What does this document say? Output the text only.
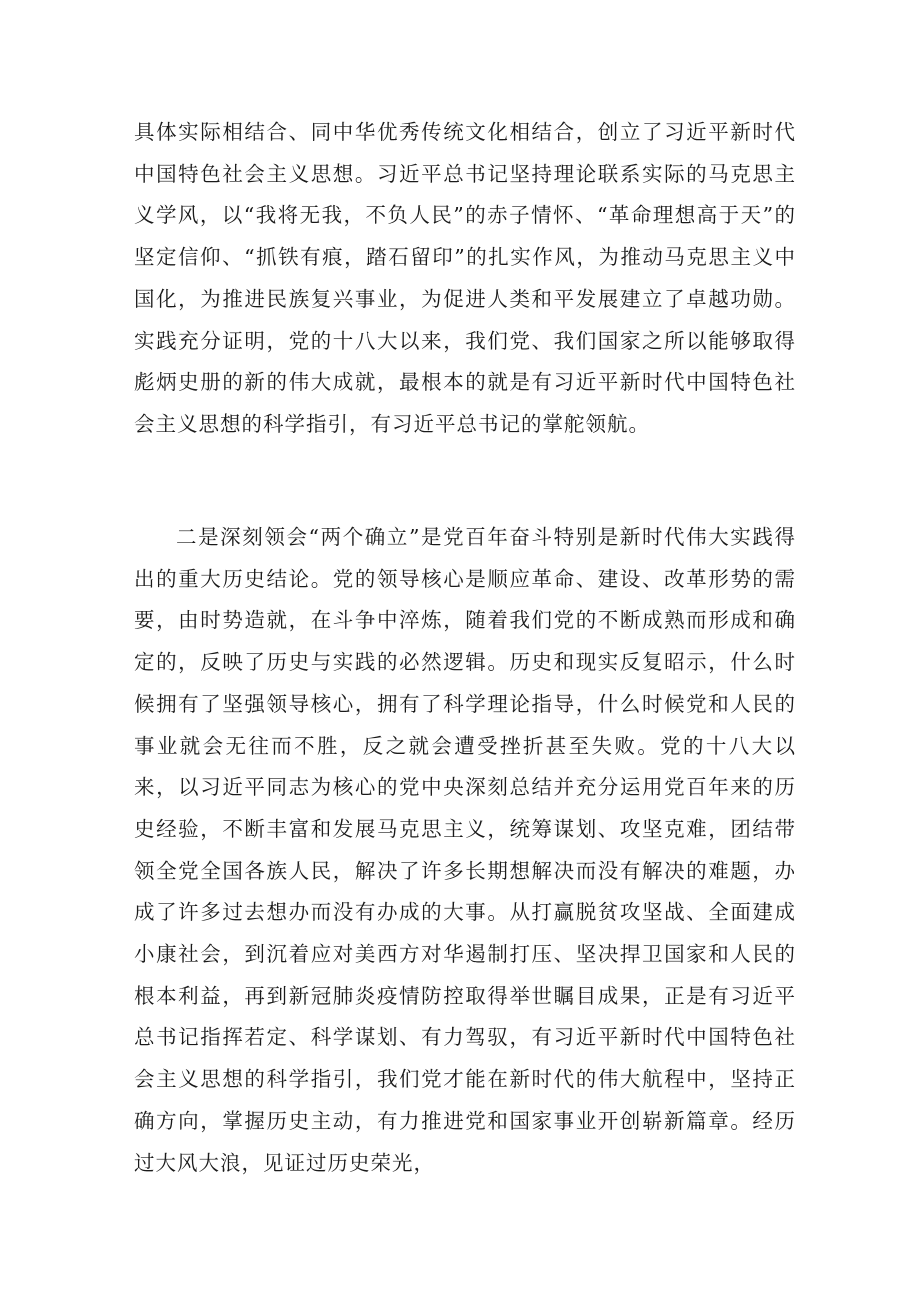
具体实际相结合、同中华优秀传统文化相结合，创立了习近平新时代中国特色社会主义思想。习近平总书记坚持理论联系实际的马克思主义学风，以“我将无我，不负人民”的赤子情怀、“革命理想高于天”的坚定信仰、“抓铁有痕，踏石留印”的扎实作风，为推动马克思主义中国化，为推进民族复兴事业，为促进人类和平发展建立了卓越功勋。实践充分证明，党的十八大以来，我们党、我们国家之所以能够取得彪炳史册的新的伟大成就，最根本的就是有习近平新时代中国特色社会主义思想的科学指引，有习近平总书记的掌舵领航。

二是深刻领会“两个确立”是党百年奋斗特别是新时代伟大实践得出的重大历史结论。党的领导核心是顺应革命、建设、改革形势的需要，由时势造就，在斗争中淬炼，随着我们党的不断成熟而形成和确定的，反映了历史与实践的必然逻辑。历史和现实反复昭示，什么时候拥有了坚强领导核心，拥有了科学理论指导，什么时候党和人民的事业就会无往而不胜，反之就会遭受挫折甚至失败。党的十八大以来，以习近平同志为核心的党中央深刻总结并充分运用党百年来的历史经验，不断丰富和发展马克思主义，统筹谋划、攻坚克难，团结带领全党全国各族人民，解决了许多长期想解决而没有解决的难题，办成了许多过去想办而没有办成的大事。从打赢脱贫攻坚战、全面建成小康社会，到沉着应对美西方对华遏制打压、坚决捍卫国家和人民的根本利益，再到新冠肺炎疫情防控取得举世瞩目成果，正是有习近平总书记指挥若定、科学谋划、有力驾驭，有习近平新时代中国特色社会主义思想的科学指引，我们党才能在新时代的伟大航程中，坚持正确方向，掌握历史主动，有力推进党和国家事业开创崭新篇章。经历过大风大浪，见证过历史荣光，
